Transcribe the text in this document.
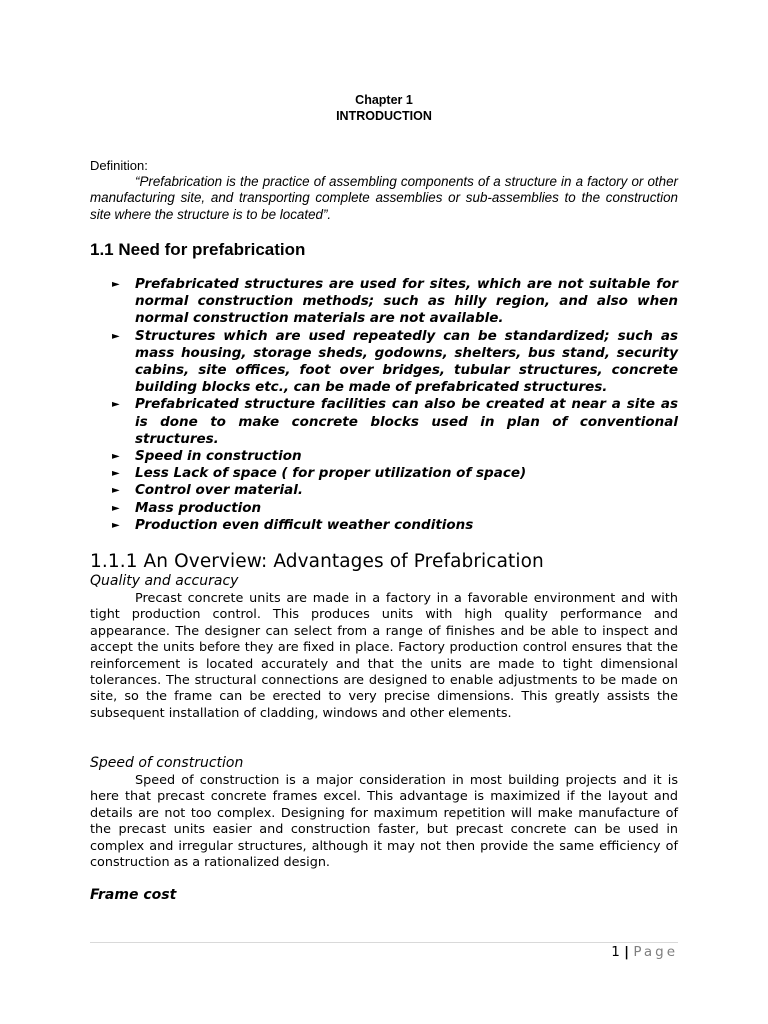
Chapter 1
INTRODUCTION
Definition:
“Prefabrication is the practice of assembling components of a structure in a factory or other manufacturing site, and transporting complete assemblies or sub-assemblies to the construction site where the structure is to be located”.
1.1 Need for prefabrication
► Prefabricated structures are used for sites, which are not suitable for normal construction methods; such as hilly region, and also when normal construction materials are not available.
► Structures which are used repeatedly can be standardized; such as mass housing, storage sheds, godowns, shelters, bus stand, security cabins, site offices, foot over bridges, tubular structures, concrete building blocks etc., can be made of prefabricated structures.
► Prefabricated structure facilities can also be created at near a site as is done to make concrete blocks used in plan of conventional structures.
► Speed in construction
► Less Lack of space ( for proper utilization of space)
► Control over material.
► Mass production
► Production even difficult weather conditions
1.1.1 An Overview: Advantages of Prefabrication
Quality and accuracy
Precast concrete units are made in a factory in a favorable environment and with tight production control. This produces units with high quality performance and appearance. The designer can select from a range of finishes and be able to inspect and accept the units before they are fixed in place. Factory production control ensures that the reinforcement is located accurately and that the units are made to tight dimensional tolerances. The structural connections are designed to enable adjustments to be made on site, so the frame can be erected to very precise dimensions. This greatly assists the subsequent installation of cladding, windows and other elements.
Speed of construction
Speed of construction is a major consideration in most building projects and it is here that precast concrete frames excel. This advantage is maximized if the layout and details are not too complex. Designing for maximum repetition will make manufacture of the precast units easier and construction faster, but precast concrete can be used in complex and irregular structures, although it may not then provide the same efficiency of construction as a rationalized design.
Frame cost
1 | Page
